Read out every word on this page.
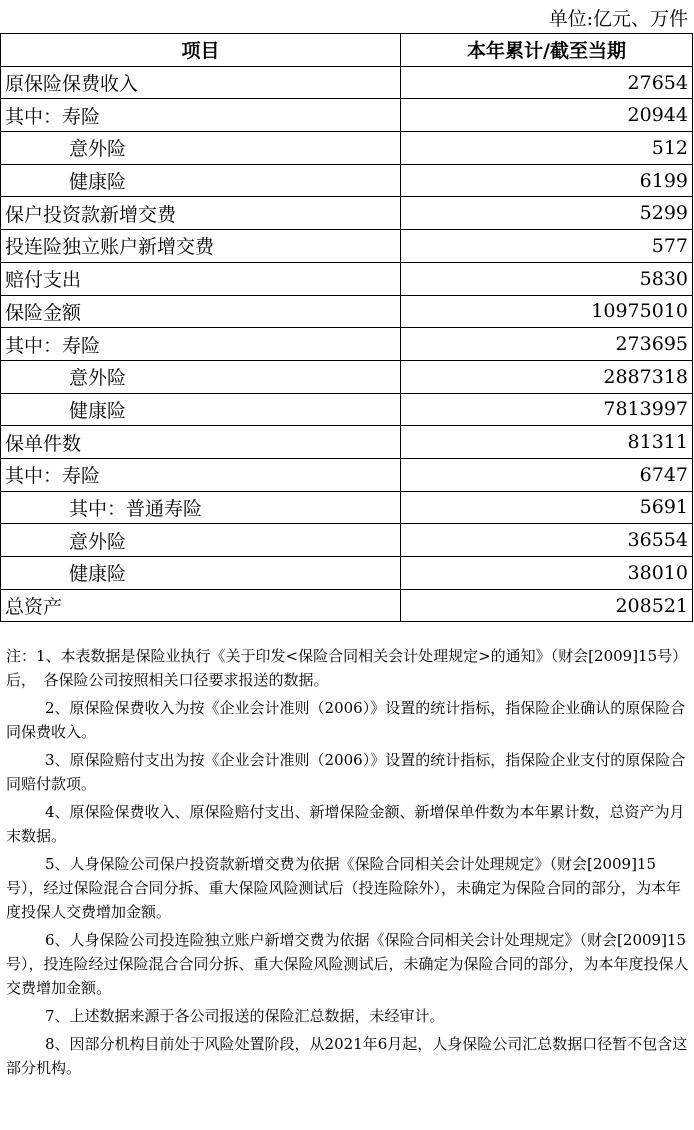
单位:亿元、万件
项目	本年累计/截至当期
原保险保费收入	27654
其中：寿险	20944
意外险	512
健康险	6199
保户投资款新增交费	5299
投连险独立账户新增交费	577
赔付支出	5830
保险金额	10975010
其中：寿险	273695
意外险	2887318
健康险	7813997
保单件数	81311
其中：寿险	6747
其中：普通寿险	5691
意外险	36554
健康险	38010
总资产	208521

注：1、本表数据是保险业执行《关于印发<保险合同相关会计处理规定>的通知》（财会[2009]15号）后，　各保险公司按照相关口径要求报送的数据。

2、原保险保费收入为按《企业会计准则（2006）》设置的统计指标，指保险企业确认的原保险合同保费收入。

3、原保险赔付支出为按《企业会计准则（2006）》设置的统计指标，指保险企业支付的原保险合同赔付款项。

4、原保险保费收入、原保险赔付支出、新增保险金额、新增保单件数为本年累计数，总资产为月末数据。

5、人身保险公司保户投资款新增交费为依据《保险合同相关会计处理规定》（财会[2009]15号），经过保险混合合同分拆、重大保险风险测试后（投连险除外），未确定为保险合同的部分，为本年度投保人交费增加金额。

6、人身保险公司投连险独立账户新增交费为依据《保险合同相关会计处理规定》（财会[2009]15号），投连险经过保险混合合同分拆、重大保险风险测试后，未确定为保险合同的部分，为本年度投保人交费增加金额。

7、上述数据来源于各公司报送的保险汇总数据，未经审计。

8、因部分机构目前处于风险处置阶段，从2021年6月起，人身保险公司汇总数据口径暂不包含这部分机构。
